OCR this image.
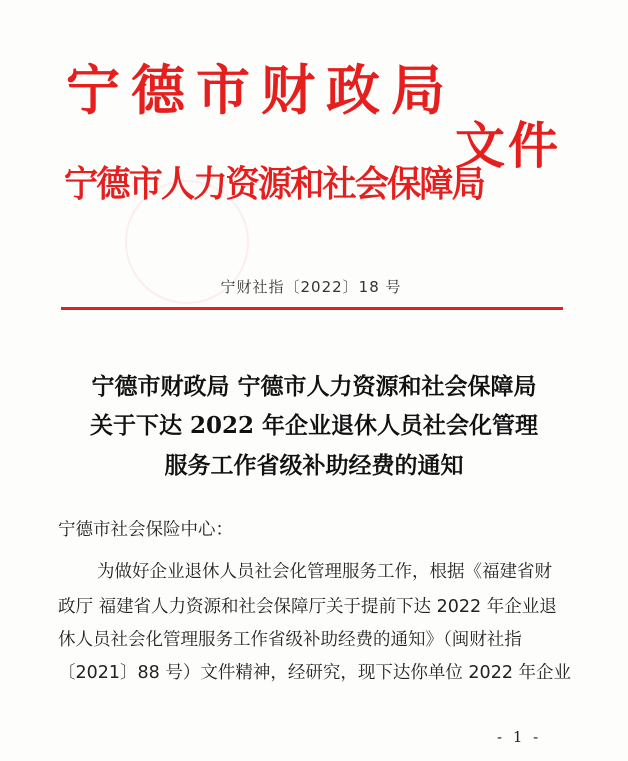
宁德市财政局
宁德市人力资源和社会保障局
文件
宁财社指〔2022〕18 号
宁德市财政局 宁德市人力资源和社会保障局
关于下达 2022 年企业退休人员社会化管理
服务工作省级补助经费的通知
宁德市社会保险中心：
为做好企业退休人员社会化管理服务工作，根据《福建省财
政厅 福建省人力资源和社会保障厅关于提前下达 2022 年企业退
休人员社会化管理服务工作省级补助经费的通知》（闽财社指
〔2021〕88 号）文件精神，经研究，现下达你单位 2022 年企业
- 1 -
